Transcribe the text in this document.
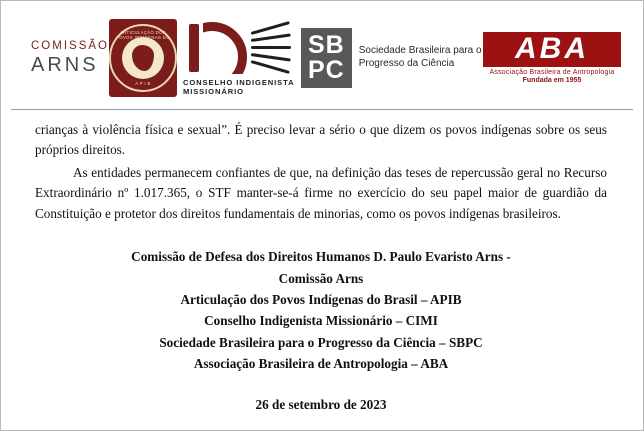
COMISSÃO
ARNS
ARTICULAÇÃO DOS POVOS INDÍGENAS DO BRASIL
A P I B	CONSELHO INDIGENISTA MISSIONÁRIO
SB
PC
Sociedade Brasileira para o Progresso da Ciência	ABA
Associação Brasileira de Antropologia
Fundada em 1955

crianças à violência física e sexual”. É preciso levar a sério o que dizem os povos indígenas sobre os seus próprios direitos.

As entidades permanecem confiantes de que, na definição das teses de repercussão geral no Recurso Extraordinário nº 1.017.365, o STF manter-se-á firme no exercício do seu papel maior de guardião da Constituição e protetor dos direitos fundamentais de minorias, como os povos indígenas brasileiros.

Comissão de Defesa dos Direitos Humanos D. Paulo Evaristo Arns -

Comissão Arns

Articulação dos Povos Indígenas do Brasil – APIB

Conselho Indigenista Missionário – CIMI

Sociedade Brasileira para o Progresso da Ciência – SBPC

Associação Brasileira de Antropologia – ABA

26 de setembro de 2023
